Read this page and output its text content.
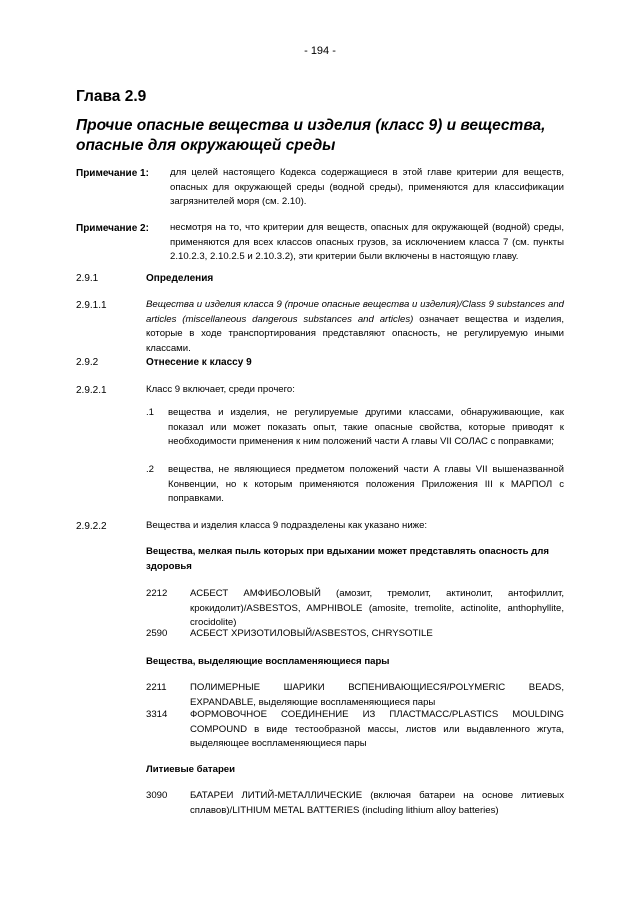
- 194 -
Глава 2.9
Прочие опасные вещества и изделия (класс 9) и вещества, опасные для окружающей среды
Примечание 1: для целей настоящего Кодекса содержащиеся в этой главе критерии для веществ, опасных для окружающей среды (водной среды), применяются для классификации загрязнителей моря (см. 2.10).
Примечание 2: несмотря на то, что критерии для веществ, опасных для окружающей (водной) среды, применяются для всех классов опасных грузов, за исключением класса 7 (см. пункты 2.10.2.3, 2.10.2.5 и 2.10.3.2), эти критерии были включены в настоящую главу.
2.9.1	Определения
2.9.1.1	Вещества и изделия класса 9 (прочие опасные вещества и изделия)/Class 9 substances and articles (miscellaneous dangerous substances and articles) означает вещества и изделия, которые в ходе транспортирования представляют опасность, не регулируемую иными классами.
2.9.2	Отнесение к классу 9
2.9.2.1	Класс 9 включает, среди прочего:
.1 вещества и изделия, не регулируемые другими классами, обнаруживающие, как показал или может показать опыт, такие опасные свойства, которые приводят к необходимости применения к ним положений части А главы VII СОЛАС с поправками;
.2 вещества, не являющиеся предметом положений части А главы VII вышеназванной Конвенции, но к которым применяются положения Приложения III к МАРПОЛ с поправками.
2.9.2.2	Вещества и изделия класса 9 подразделены как указано ниже:
Вещества, мелкая пыль которых при вдыхании может представлять опасность для здоровья
2212 АСБЕСТ АМФИБОЛОВЫЙ (амозит, тремолит, актинолит, антофиллит, крокидолит)/ASBESTOS, AMPHIBOLE (amosite, tremolite, actinolite, anthophyllite, crocidolite)
2590 АСБЕСТ ХРИЗОТИЛОВЫЙ/ASBESTOS, CHRYSOTILE
Вещества, выделяющие воспламеняющиеся пары
2211 ПОЛИМЕРНЫЕ ШАРИКИ ВСПЕНИВАЮЩИЕСЯ/POLYMERIC BEADS, EXPANDABLE, выделяющие воспламеняющиеся пары
3314 ФОРМОВОЧНОЕ СОЕДИНЕНИЕ ИЗ ПЛАСТМАСС/PLASTICS MOULDING COMPOUND в виде тестообразной массы, листов или выдавленного жгута, выделяющее воспламеняющиеся пары
Литиевые батареи
3090 БАТАРЕИ ЛИТИЙ-МЕТАЛЛИЧЕСКИЕ (включая батареи на основе литиевых сплавов)/LITHIUM METAL BATTERIES (including lithium alloy batteries)
